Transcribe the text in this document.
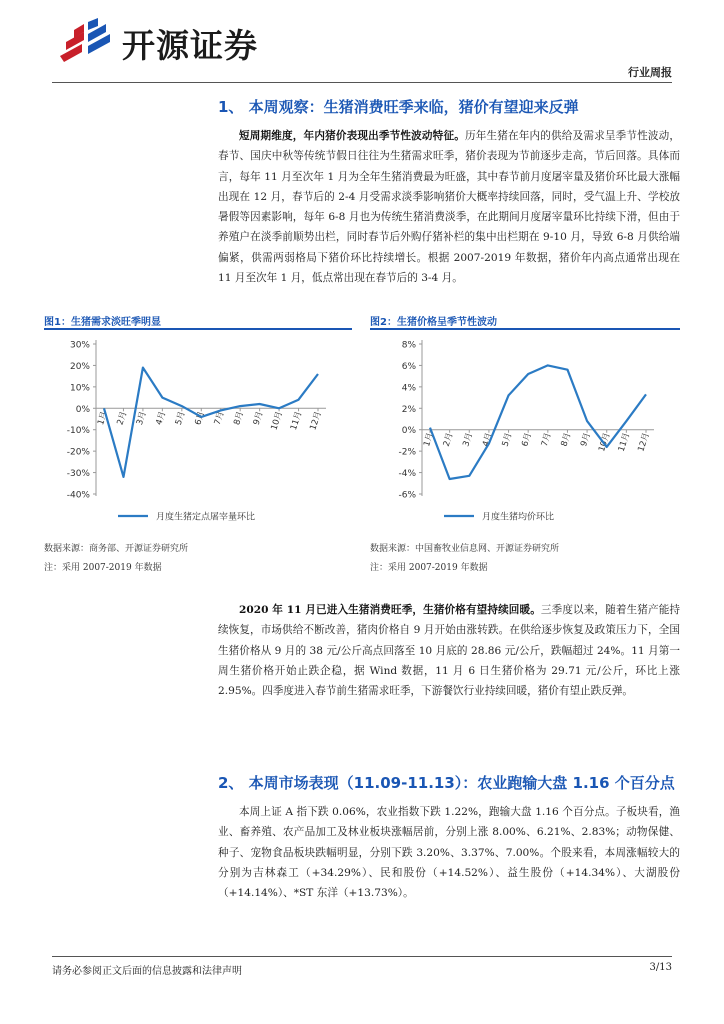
开源证券
行业周报
1、 本周观察：生猪消费旺季来临，猪价有望迎来反弹
短周期维度，年内猪价表现出季节性波动特征。历年生猪在年内的供给及需求呈季节性波动，春节、国庆中秋等传统节假日往往为生猪需求旺季，猪价表现为节前逐步走高，节后回落。具体而言，每年 11 月至次年 1 月为全年生猪消费最为旺盛，其中春节前月度屠宰量及猪价环比最大涨幅出现在 12 月，春节后的 2-4 月受需求淡季影响猪价大概率持续回落，同时，受气温上升、学校放暑假等因素影响，每年 6-8 月也为传统生猪消费淡季，在此期间月度屠宰量环比持续下滑，但由于养殖户在淡季前顺势出栏，同时春节后外购仔猪补栏的集中出栏期在 9-10 月，导致 6-8 月供给端偏紧，供需两弱格局下猪价环比持续增长。根据 2007-2019 年数据，猪价年内高点通常出现在 11 月至次年 1 月，低点常出现在春节后的 3-4 月。
图1：生猪需求淡旺季明显
30%
20%
10%
0%
-10%
-20%
-30%
-40%
1月 2月 3月 4月 5月 6月 7月 8月 9月 10月 11月 12月
月度生猪定点屠宰量环比
数据来源：商务部、开源证券研究所
注：采用 2007-2019 年数据
图2：生猪价格呈季节性波动
8%
6%
4%
2%
0%
-2%
-4%
-6%
1月 2月 3月 4月 5月 6月 7月 8月 9月 10月 11月 12月
月度生猪均价环比
数据来源：中国畜牧业信息网、开源证券研究所
注：采用 2007-2019 年数据
2020 年 11 月已进入生猪消费旺季，生猪价格有望持续回暖。三季度以来，随着生猪产能持续恢复，市场供给不断改善，猪肉价格自 9 月开始由涨转跌。在供给逐步恢复及政策压力下，全国生猪价格从 9 月的 38 元/公斤高点回落至 10 月底的 28.86 元/公斤，跌幅超过 24%。11 月第一周生猪价格开始止跌企稳，据 Wind 数据，11 月 6 日生猪价格为 29.71 元/公斤，环比上涨 2.95%。四季度进入春节前生猪需求旺季，下游餐饮行业持续回暖，猪价有望止跌反弹。
2、 本周市场表现（11.09-11.13）：农业跑输大盘 1.16 个百分点
本周上证 A 指下跌 0.06%，农业指数下跌 1.22%，跑输大盘 1.16 个百分点。子板块看，渔业、畜养殖、农产品加工及林业板块涨幅居前，分别上涨 8.00%、6.21%、2.83%；动物保健、种子、宠物食品板块跌幅明显，分别下跌 3.20%、3.37%、7.00%。个股来看，本周涨幅较大的分别为吉林森工（+34.29%）、民和股份（+14.52%）、益生股份（+14.34%）、大湖股份（+14.14%）、*ST 东洋（+13.73%）。
请务必参阅正文后面的信息披露和法律声明	3/13
